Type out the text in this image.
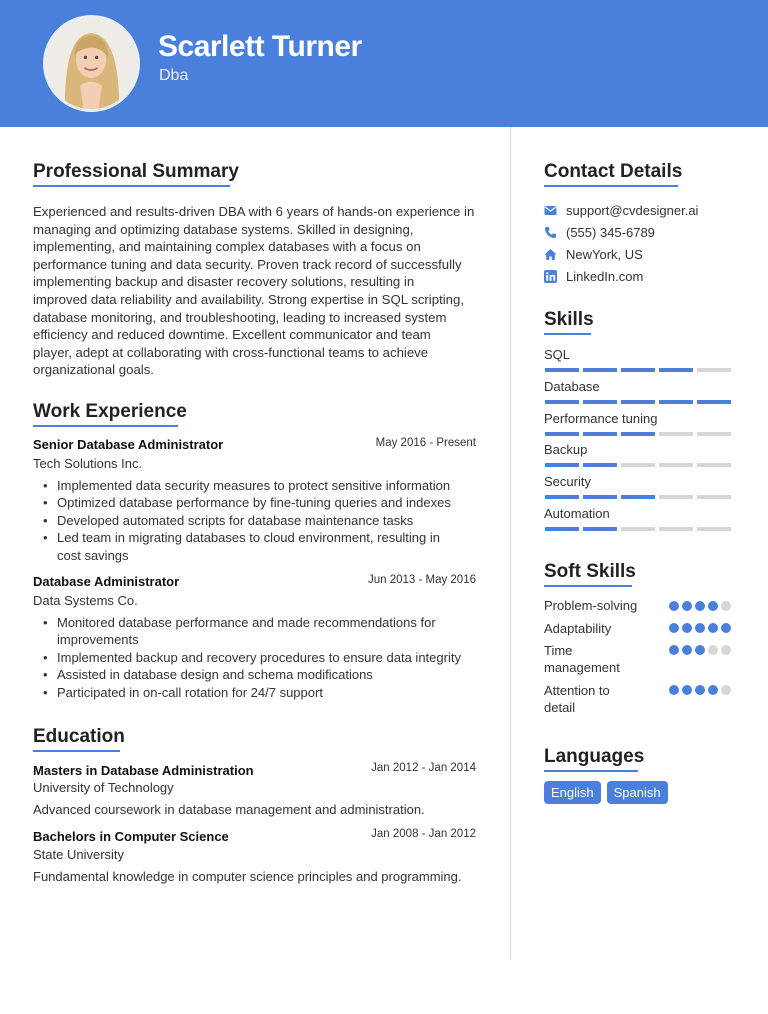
Scarlett Turner
Dba
Professional Summary
Experienced and results-driven DBA with 6 years of hands-on experience in
managing and optimizing database systems. Skilled in designing,
implementing, and maintaining complex databases with a focus on
performance tuning and data security. Proven track record of successfully
implementing backup and disaster recovery solutions, resulting in
improved data reliability and availability. Strong expertise in SQL scripting,
database monitoring, and troubleshooting, leading to increased system
efficiency and reduced downtime. Excellent communicator and team
player, adept at collaborating with cross-functional teams to achieve
organizational goals.
Work Experience
Senior Database Administrator	May 2016 - Present
Tech Solutions Inc.
• Implemented data security measures to protect sensitive information
• Optimized database performance by fine-tuning queries and indexes
• Developed automated scripts for database maintenance tasks
• Led team in migrating databases to cloud environment, resulting in cost savings
Database Administrator	Jun 2013 - May 2016
Data Systems Co.
• Monitored database performance and made recommendations for improvements
• Implemented backup and recovery procedures to ensure data integrity
• Assisted in database design and schema modifications
• Participated in on-call rotation for 24/7 support
Education
Masters in Database Administration	Jan 2012 - Jan 2014
University of Technology
Advanced coursework in database management and administration.
Bachelors in Computer Science	Jan 2008 - Jan 2012
State University
Fundamental knowledge in computer science principles and programming.
Contact Details
support@cvdesigner.ai
(555) 345-6789
NewYork, US
LinkedIn.com
Skills
SQL
Database
Performance tuning
Backup
Security
Automation
Soft Skills
Problem-solving
Adaptability
Time management
Attention to detail
Languages
English	Spanish
